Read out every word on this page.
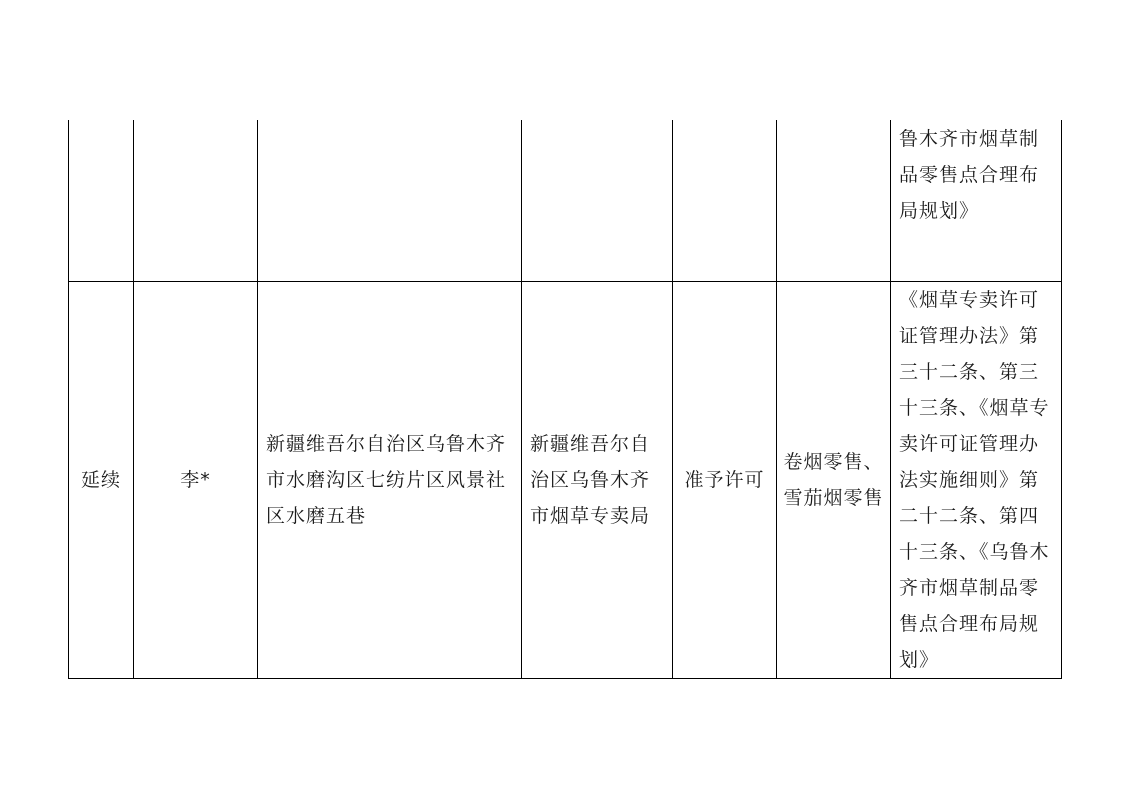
						鲁木齐市烟草制品零售点合理布局规划》
延续	李*	新疆维吾尔自治区乌鲁木齐市水磨沟区七纺片区风景社区水磨五巷	新疆维吾尔自治区乌鲁木齐市烟草专卖局	准予许可	卷烟零售、雪茄烟零售	《烟草专卖许可证管理办法》第三十二条、第三十三条、《烟草专卖许可证管理办法实施细则》第二十二条、第四十三条、《乌鲁木齐市烟草制品零售点合理布局规划》
